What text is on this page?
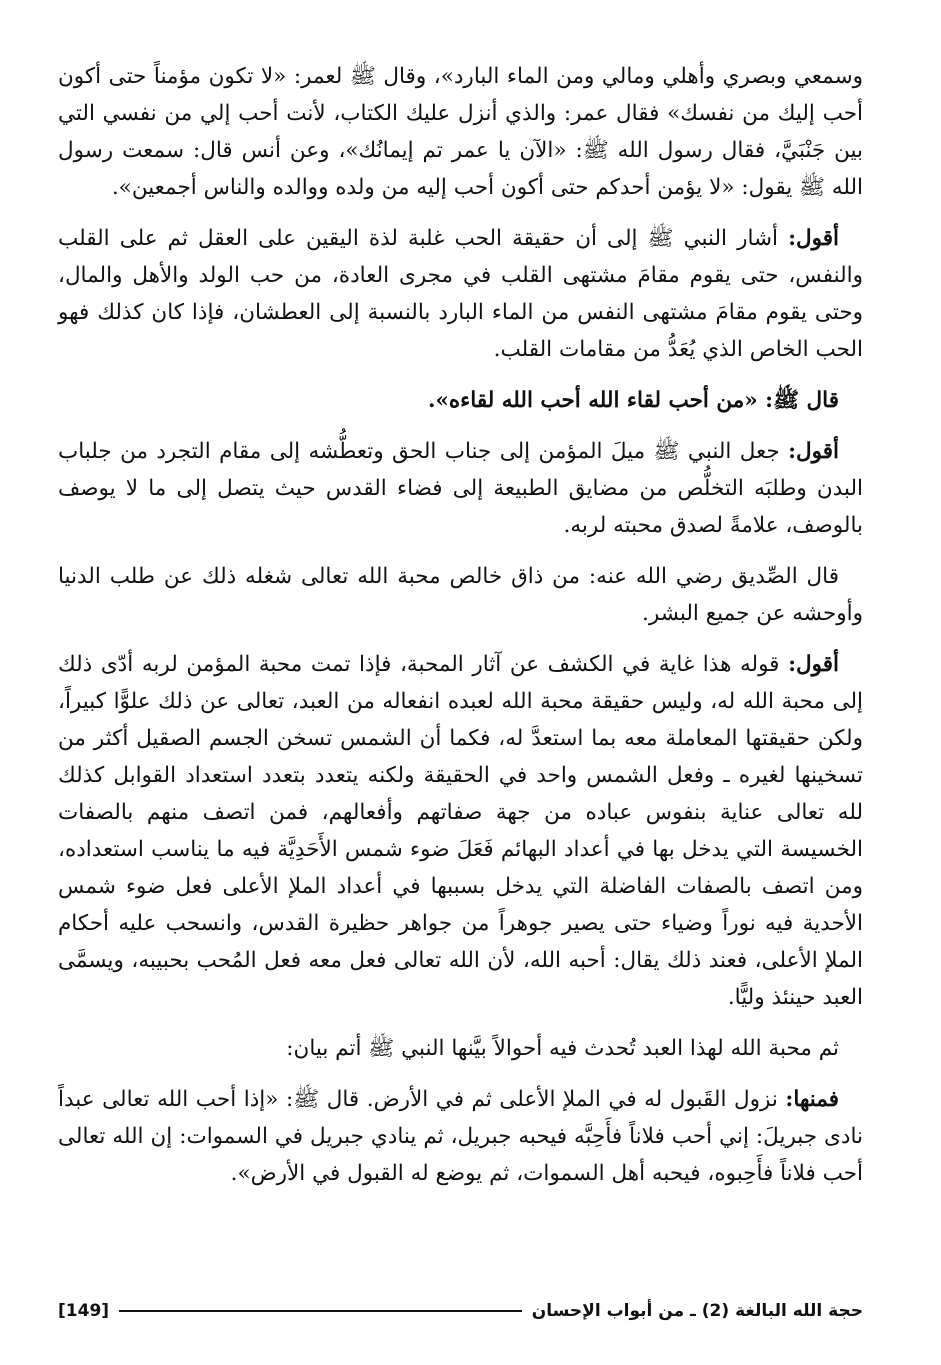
وسمعي وبصري وأهلي ومالي ومن الماء البارد»، وقال ﷺ لعمر: «لا تكون مؤمناً حتى أكون أحب إليك من نفسك» فقال عمر: والذي أنزل عليك الكتاب، لأنت أحب إلي من نفسي التي بين جَنْبَيَّ، فقال رسول الله ﷺ: «الآن يا عمر تم إيمانُك»، وعن أنس قال: سمعت رسول الله ﷺ يقول: «لا يؤمن أحدكم حتى أكون أحب إليه من ولده ووالده والناس أجمعين».

أقول: أشار النبي ﷺ إلى أن حقيقة الحب غلبة لذة اليقين على العقل ثم على القلب والنفس، حتى يقوم مقامَ مشتهى القلب في مجرى العادة، من حب الولد والأهل والمال، وحتى يقوم مقامَ مشتهى النفس من الماء البارد بالنسبة إلى العطشان، فإذا كان كذلك فهو الحب الخاص الذي يُعَدُّ من مقامات القلب.

قال ﷺ: «من أحب لقاء الله أحب الله لقاءه».

أقول: جعل النبي ﷺ ميلَ المؤمن إلى جناب الحق وتعطُّشه إلى مقام التجرد من جلباب البدن وطلبَه التخلُّص من مضايق الطبيعة إلى فضاء القدس حيث يتصل إلى ما لا يوصف بالوصف، علامةً لصدق محبته لربه.

قال الصِّديق رضي الله عنه: من ذاق خالص محبة الله تعالى شغله ذلك عن طلب الدنيا وأوحشه عن جميع البشر.

أقول: قوله هذا غاية في الكشف عن آثار المحبة، فإذا تمت محبة المؤمن لربه أدّى ذلك إلى محبة الله له، وليس حقيقة محبة الله لعبده انفعاله من العبد، تعالى عن ذلك علوًّا كبيراً، ولكن حقيقتها المعاملة معه بما استعدَّ له، فكما أن الشمس تسخن الجسم الصقيل أكثر من تسخينها لغيره ـ وفعل الشمس واحد في الحقيقة ولكنه يتعدد بتعدد استعداد القوابل كذلك لله تعالى عناية بنفوس عباده من جهة صفاتهم وأفعالهم، فمن اتصف منهم بالصفات الخسيسة التي يدخل بها في أعداد البهائم فَعَلَ ضوء شمس الأَحَدِيَّة فيه ما يناسب استعداده، ومن اتصف بالصفات الفاضلة التي يدخل بسببها في أعداد الملإ الأعلى فعل ضوء شمس الأحدية فيه نوراً وضياء حتى يصير جوهراً من جواهر حظيرة القدس، وانسحب عليه أحكام الملإ الأعلى، فعند ذلك يقال: أحبه الله، لأن الله تعالى فعل معه فعل المُحب بحبيبه، ويسمَّى العبد حينئذ وليًّا.

ثم محبة الله لهذا العبد تُحدث فيه أحوالاً بيَّنها النبي ﷺ أتم بيان:

فمنها: نزول القَبول له في الملإ الأعلى ثم في الأرض. قال ﷺ: «إذا أحب الله تعالى عبداً نادى جبريلَ: إني أحب فلاناً فأَحِبَّه فيحبه جبريل، ثم ينادي جبريل في السموات: إن الله تعالى أحب فلاناً فأَحِبوه، فيحبه أهل السموات، ثم يوضع له القبول في الأرض».

حجة الله البالغة (2) ـ من أبواب الإحسان
[149]
